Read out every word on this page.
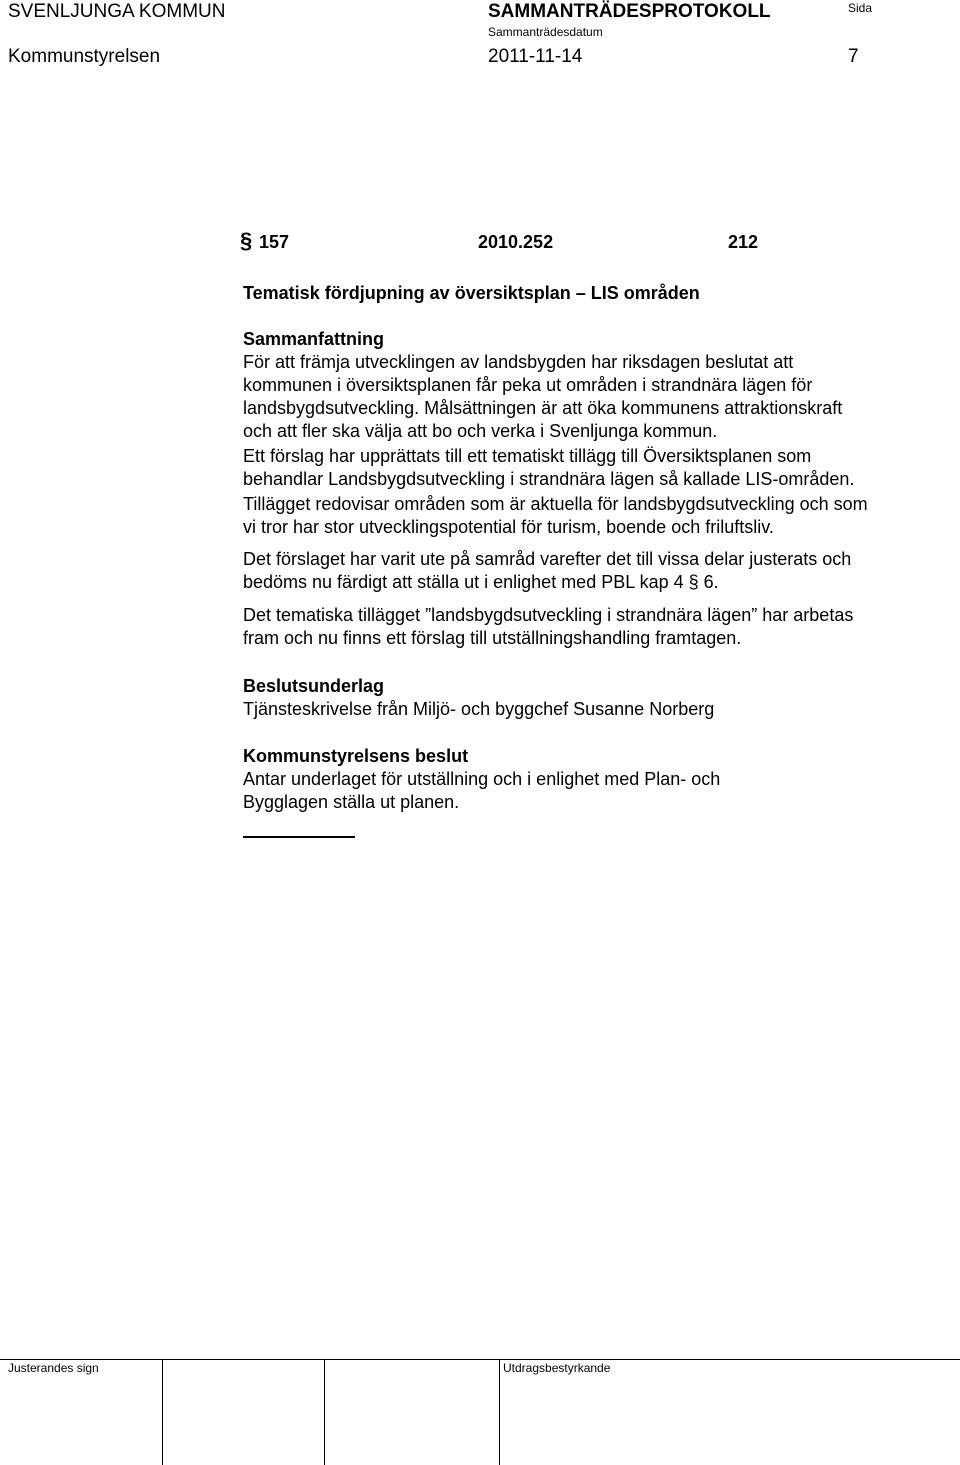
SVENLJUNGA KOMMUN	SAMMANTRÄDESPROTOKOLL
Sammanträdesdatum
Sida
Kommunstyrelsen	2011-11-14	7
§ 157	2010.252	212
Tematisk fördjupning av översiktsplan – LIS områden
Sammanfattning
För att främja utvecklingen av landsbygden har riksdagen beslutat att
kommunen i översiktsplanen får peka ut områden i strandnära lägen för
landsbygdsutveckling. Målsättningen är att öka kommunens attraktionskraft
och att fler ska välja att bo och verka i Svenljunga kommun.
Ett förslag har upprättats till ett tematiskt tillägg till Översiktsplanen som
behandlar Landsbygdsutveckling i strandnära lägen så kallade LIS-områden.
Tillägget redovisar områden som är aktuella för landsbygdsutveckling och som
vi tror har stor utvecklingspotential för turism, boende och friluftsliv.
Det förslaget har varit ute på samråd varefter det till vissa delar justerats och
bedöms nu färdigt att ställa ut i enlighet med PBL kap 4 § 6.
Det tematiska tillägget ”landsbygdsutveckling i strandnära lägen” har arbetas
fram och nu finns ett förslag till utställningshandling framtagen.
Beslutsunderlag
Tjänsteskrivelse från Miljö- och byggchef Susanne Norberg
Kommunstyrelsens beslut
Antar underlaget för utställning och i enlighet med Plan- och
Bygglagen ställa ut planen.
Justerandes sign	Utdragsbestyrkande
